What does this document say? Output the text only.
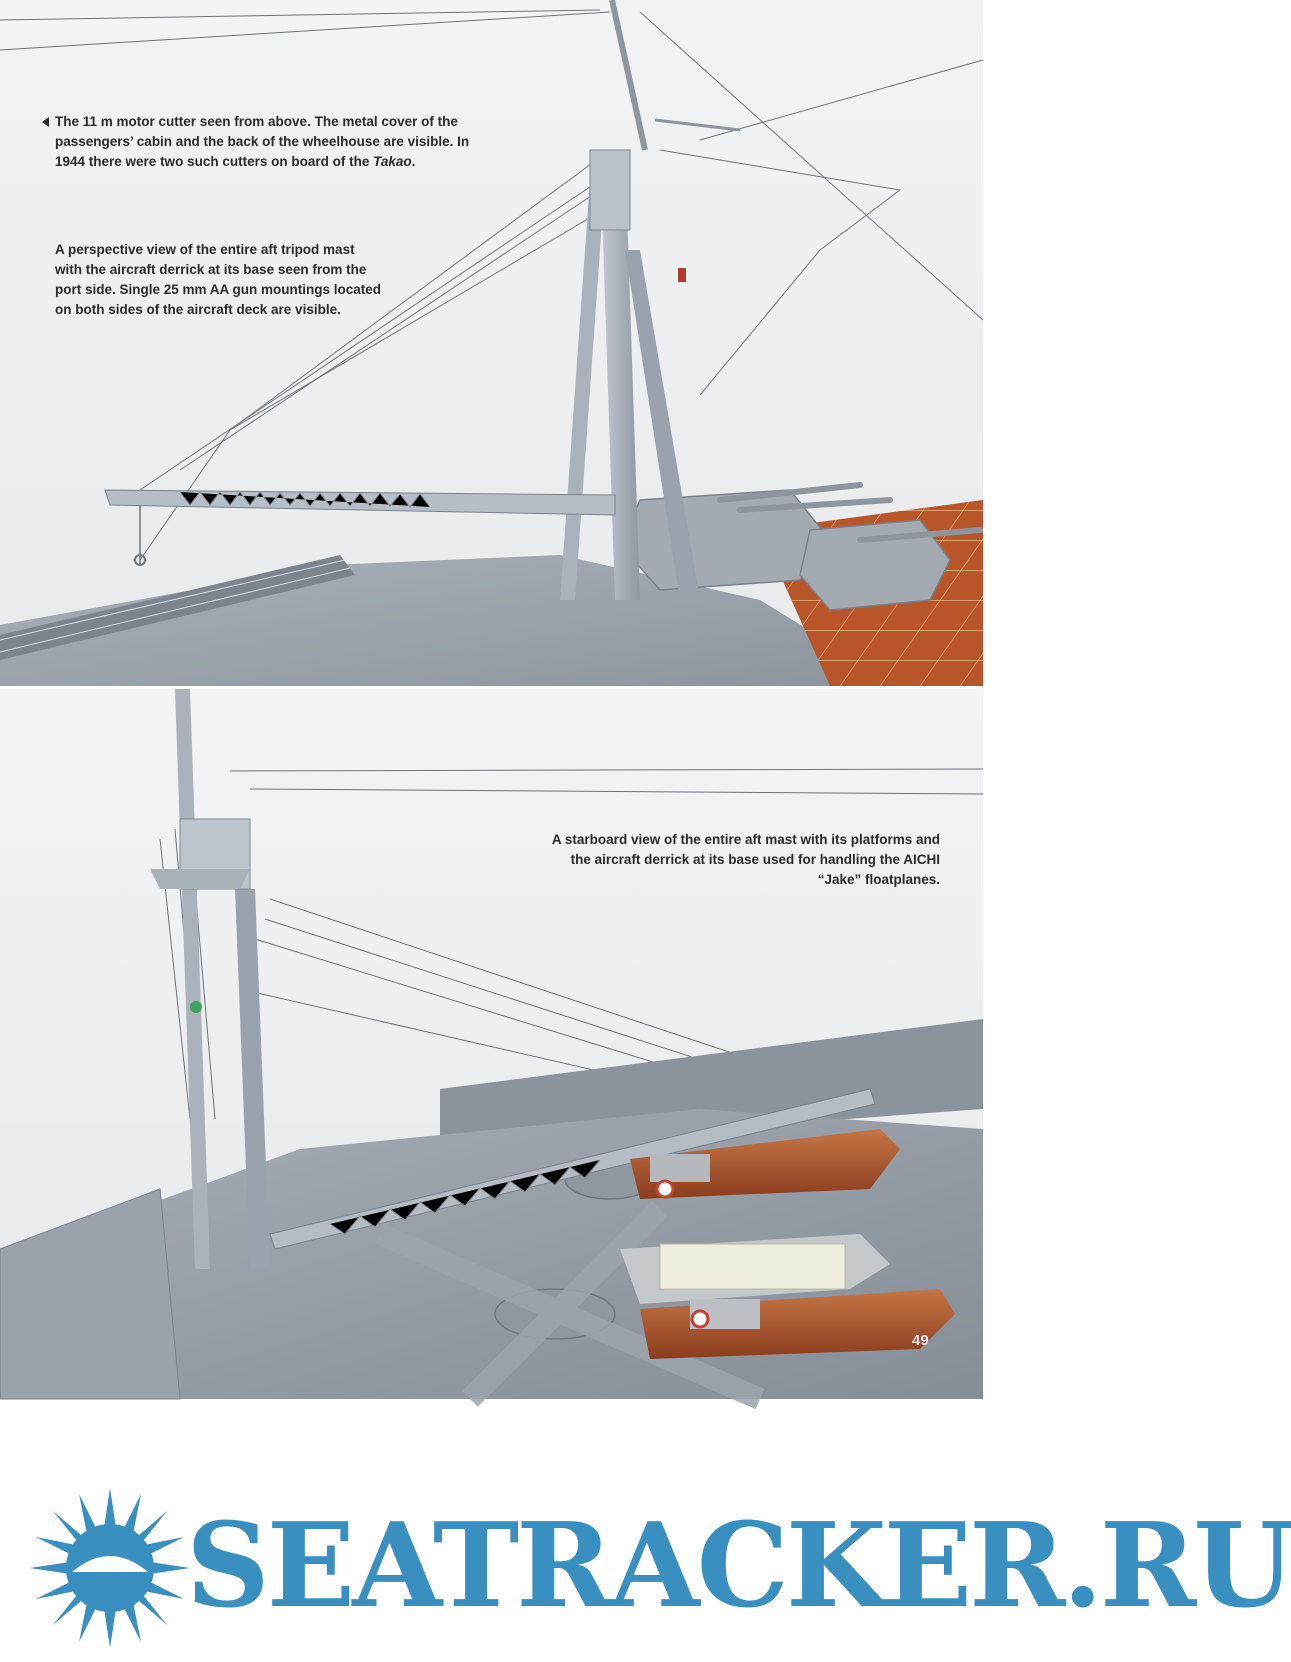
The 11 m motor cutter seen from above. The metal cover of the passengers’ cabin and the back of the wheelhouse are visible. In 1944 there were two such cutters on board of the Takao.
A perspective view of the entire aft tripod mast with the aircraft derrick at its base seen from the port side. Single 25 mm AA gun mountings located on both sides of the aircraft deck are visible.
A starboard view of the entire aft mast with its platforms and the aircraft derrick at its base used for handling the AICHI “Jake” floatplanes.
49
SEATRACKER.RU
